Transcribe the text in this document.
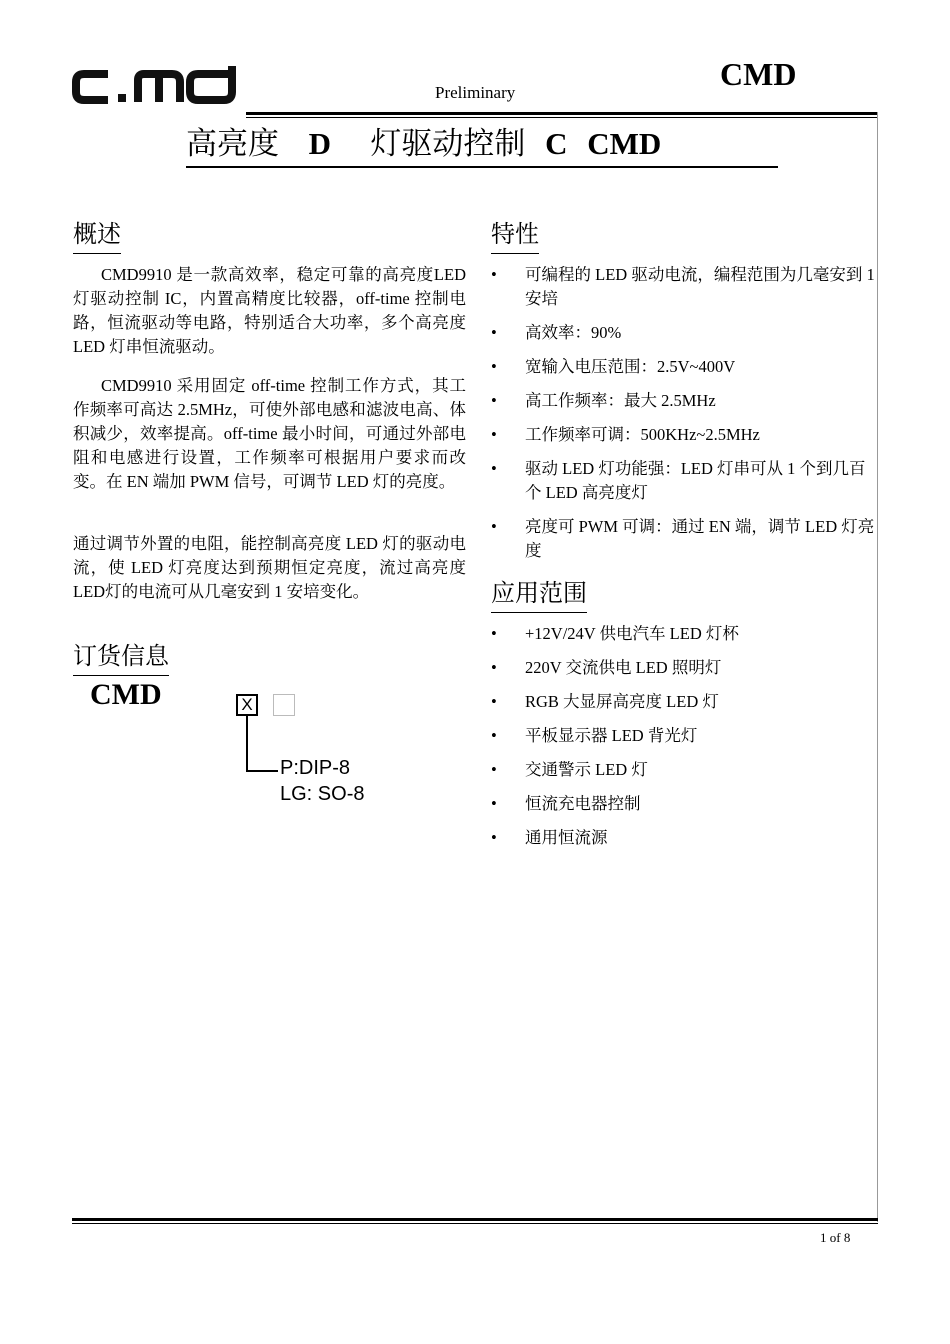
Preliminary
CMD
高亮度 D 灯驱动控制 C CMD
概述
CMD9910 是一款高效率，稳定可靠的高亮度LED 灯驱动控制 IC，内置高精度比较器，off-time 控制电路，恒流驱动等电路，特别适合大功率，多个高亮度 LED 灯串恒流驱动。
CMD9910 采用固定 off-time 控制工作方式，其工作频率可高达 2.5MHz，可使外部电感和滤波电高、体积减少，效率提高。off-time 最小时间，可通过外部电阻和电感进行设置，工作频率可根据用户要求而改变。在 EN 端加 PWM 信号，可调节 LED 灯的亮度。
通过调节外置的电阻，能控制高亮度 LED 灯的驱动电流，使 LED 灯亮度达到预期恒定亮度，流过高亮度LED灯的电流可从几毫安到 1 安培变化。
订货信息
CMD	X
P:DIP-8
LG: SO-8
特性
• 可编程的 LED 驱动电流，编程范围为几毫安到 1 安培
• 高效率：90%
• 宽输入电压范围：2.5V~400V
• 高工作频率：最大 2.5MHz
• 工作频率可调：500KHz~2.5MHz
• 驱动 LED 灯功能强：LED 灯串可从 1 个到几百个 LED 高亮度灯
• 亮度可 PWM 可调：通过 EN 端，调节 LED 灯亮度
应用范围
• +12V/24V 供电汽车 LED 灯杯
• 220V 交流供电 LED 照明灯
• RGB 大显屏高亮度 LED 灯
• 平板显示器 LED 背光灯
• 交通警示 LED 灯
• 恒流充电器控制
• 通用恒流源
1 of 8
